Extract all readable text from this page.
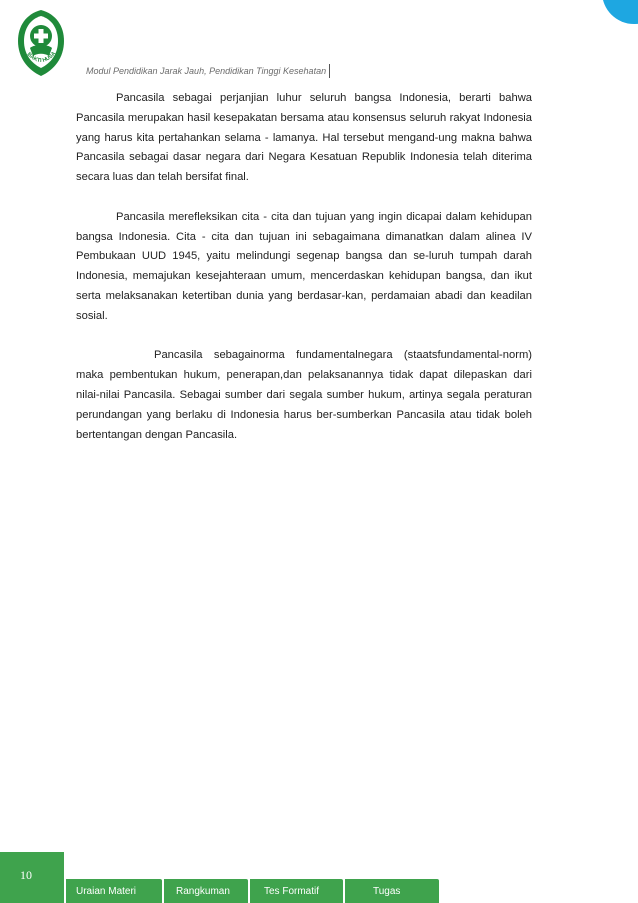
BAKTI HUSA
Modul Pendidikan Jarak Jauh, Pendidikan Tinggi Kesehatan

Pancasila sebagai perjanjian luhur seluruh bangsa Indonesia, berarti bahwa Pancasila merupakan hasil kesepakatan bersama atau konsensus seluruh rakyat Indonesia yang harus kita pertahankan selama - lamanya. Hal tersebut mengand-ung makna bahwa Pancasila sebagai dasar negara dari Negara Kesatuan Republik Indonesia telah diterima secara luas dan telah bersifat final.

Pancasila merefleksikan cita - cita dan tujuan yang ingin dicapai dalam kehidupan bangsa Indonesia. Cita - cita dan tujuan ini sebagaimana dimanatkan dalam alinea IV Pembukaan UUD 1945, yaitu melindungi segenap bangsa dan se-luruh tumpah darah Indonesia, memajukan kesejahteraan umum, mencerdaskan kehidupan bangsa, dan ikut serta melaksanakan ketertiban dunia yang berdasar-kan, perdamaian abadi dan keadilan sosial.

Pancasila sebagainorma fundamentalnegara (staatsfundamental-norm) maka pembentukan hukum, penerapan,dan pelaksanannya tidak dapat dilepaskan dari nilai-nilai Pancasila. Sebagai sumber dari segala sumber hukum, artinya segala peraturan perundangan yang berlaku di Indonesia harus ber-sumberkan Pancasila atau tidak boleh bertentangan dengan Pancasila.

10
Uraian Materi	Rangkuman	Tes Formatif	Tugas
